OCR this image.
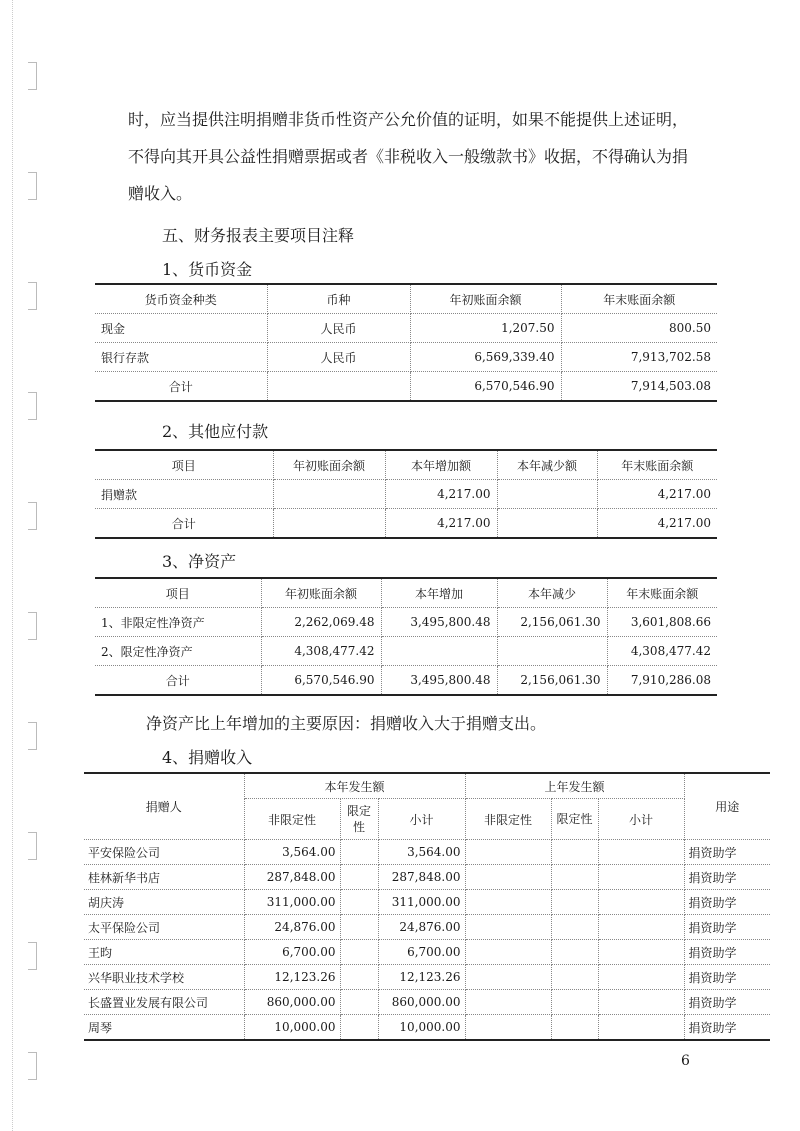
时，应当提供注明捐赠非货币性资产公允价值的证明，如果不能提供上述证明，
不得向其开具公益性捐赠票据或者《非税收入一般缴款书》收据，不得确认为捐
赠收入。
五、财务报表主要项目注释
1、货币资金
货币资金种类	币种	年初账面余额	年末账面余额
现金	人民币	1,207.50	800.50
银行存款	人民币	6,569,339.40	7,913,702.58
合计		6,570,546.90	7,914,503.08
2、其他应付款
项目	年初账面余额	本年增加额	本年减少额	年末账面余额
捐赠款		4,217.00		4,217.00
合计		4,217.00		4,217.00
3、净资产
项目	年初账面余额	本年增加	本年减少	年末账面余额
1、非限定性净资产	2,262,069.48	3,495,800.48	2,156,061.30	3,601,808.66
2、限定性净资产	4,308,477.42			4,308,477.42
合计	6,570,546.90	3,495,800.48	2,156,061.30	7,910,286.08
净资产比上年增加的主要原因：捐赠收入大于捐赠支出。
4、捐赠收入
捐赠人	本年发生额			上年发生额			用途
	非限定性	限定性	小计	非限定性	限定性	小计	
平安保险公司	3,564.00		3,564.00				捐资助学
桂林新华书店	287,848.00		287,848.00				捐资助学
胡庆涛	311,000.00		311,000.00				捐资助学
太平保险公司	24,876.00		24,876.00				捐资助学
王昀	6,700.00		6,700.00				捐资助学
兴华职业技术学校	12,123.26		12,123.26				捐资助学
长盛置业发展有限公司	860,000.00		860,000.00				捐资助学
周琴	10,000.00		10,000.00				捐资助学
6
